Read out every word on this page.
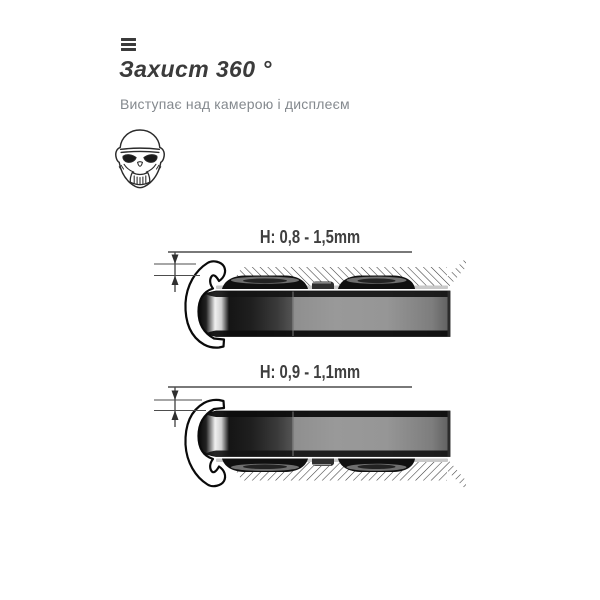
Захист 360 °

Виступає над камерою і дисплеєм

H: 0,8 - 1,5mm
H: 0,9 - 1,1mm
